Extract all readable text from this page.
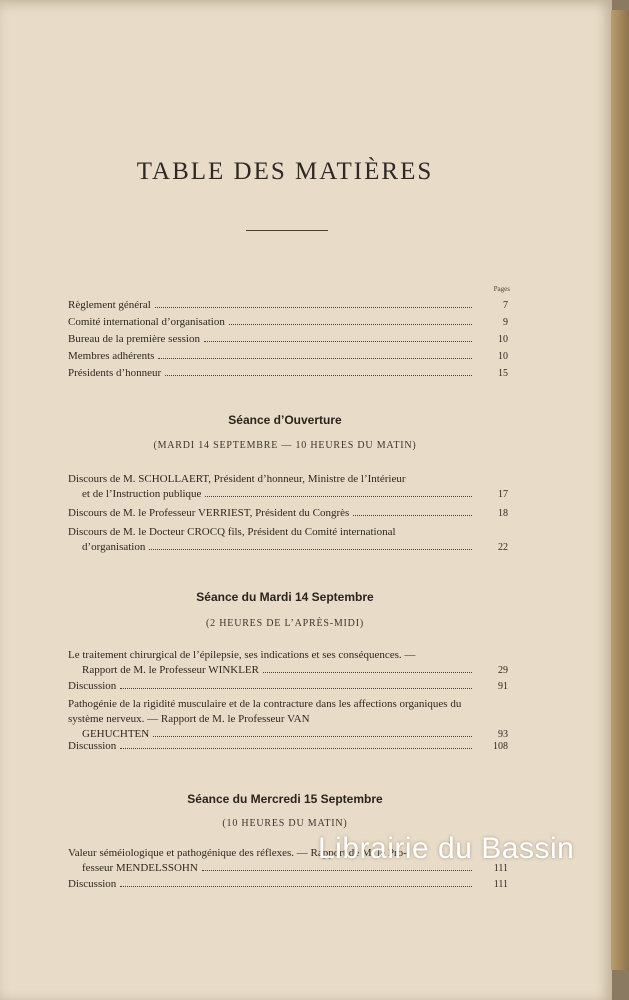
TABLE DES MATIÈRES
Pages
Règlement général	7
Comité international d’organisation	9
Bureau de la première session	10
Membres adhérents	10
Présidents d’honneur	15
Séance d’Ouverture
(MARDI 14 SEPTEMBRE — 10 HEURES DU MATIN)
Discours de M. SCHOLLAERT, Président d’honneur, Ministre de l’Intérieur
et de l’Instruction publique	17
Discours de M. le Professeur VERRIEST, Président du Congrès	18
Discours de M. le Docteur CROCQ fils, Président du Comité international
d’organisation	22
Séance du Mardi 14 Septembre
(2 HEURES DE L’APRÈS-MIDI)
Le traitement chirurgical de l’épilepsie, ses indications et ses conséquences. —
Rapport de M. le Professeur WINKLER	29
Discussion	91
Pathogénie de la rigidité musculaire et de la contracture dans les affections organiques du système nerveux. — Rapport de M. le Professeur VAN
GEHUCHTEN	93
Discussion	108
Séance du Mercredi 15 Septembre
(10 HEURES DU MATIN)
Valeur séméiologique et pathogénique des réflexes. — Rapport de M. le Pro-
fesseur MENDELSSOHN	111
Discussion	111
Librairie du Bassin
